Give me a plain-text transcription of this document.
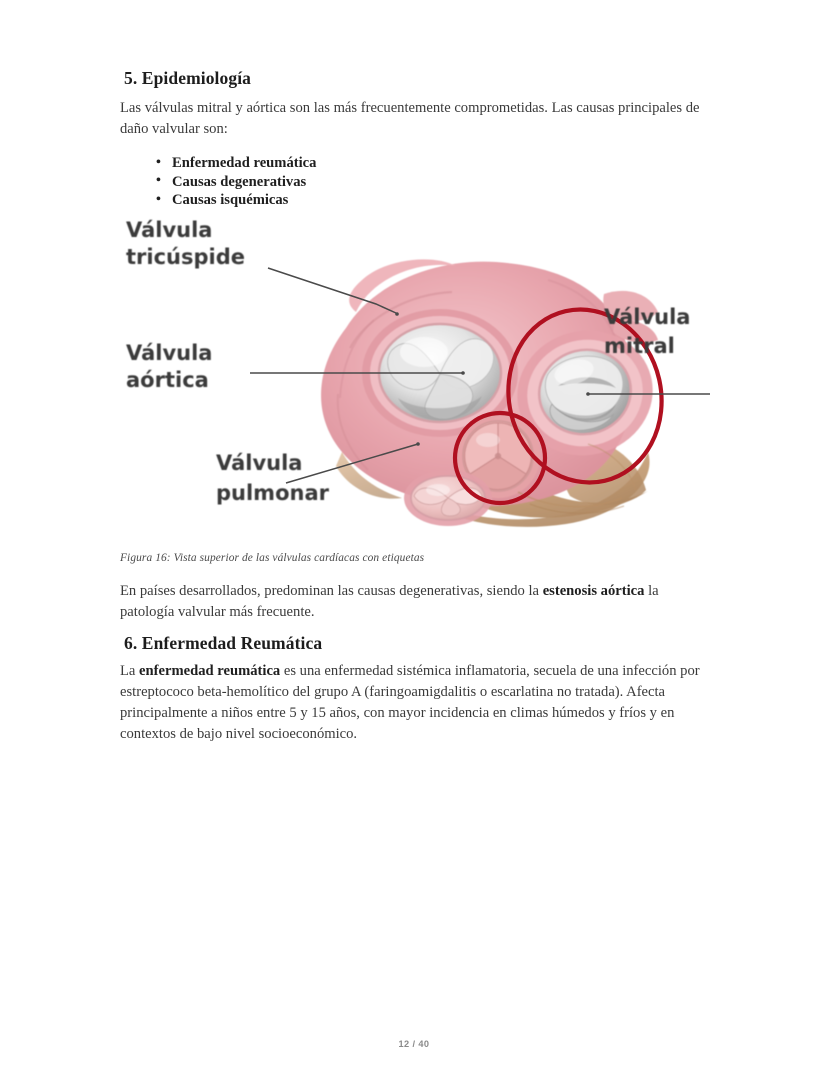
5. Epidemiología

Las válvulas mitral y aórtica son las más frecuentemente comprometidas. Las causas principales de daño valvular son:

• Enfermedad reumática
• Causas degenerativas
• Causas isquémicas
Válvula
tricúspide
Válvula
aórtica
Válvula
pulmonar
Válvula
mitral
Figura 16: Vista superior de las válvulas cardíacas con etiquetas

En países desarrollados, predominan las causas degenerativas, siendo la estenosis aórtica la patología valvular más frecuente.

6. Enfermedad Reumática

La enfermedad reumática es una enfermedad sistémica inflamatoria, secuela de una infección por estreptococo beta-hemolítico del grupo A (faringoamigdalitis o escarlatina no tratada). Afecta principalmente a niños entre 5 y 15 años, con mayor incidencia en climas húmedos y fríos y en contextos de bajo nivel socioeconómico.

12 / 40
